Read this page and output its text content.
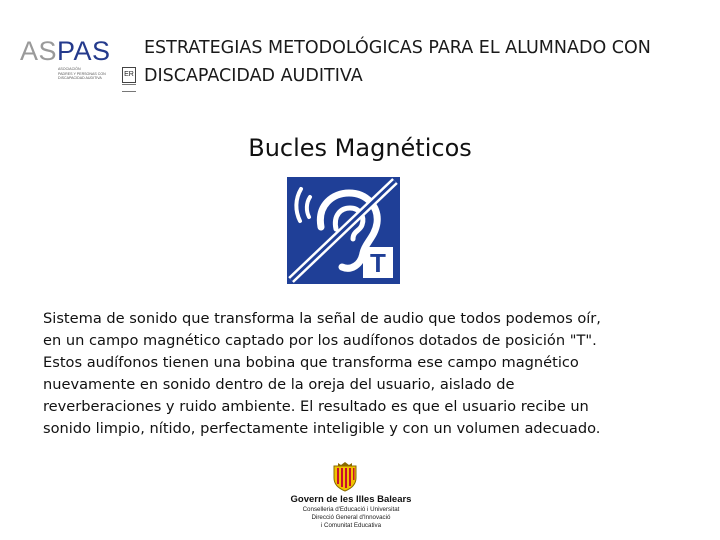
ASPAS
ASOCIACIÓN
PADRES Y PERSONAS CON
DISCAPACIDAD AUDITIVA
ER
ESTRATEGIAS METODOLÓGICAS PARA EL ALUMNADO CON
DISCAPACIDAD AUDITIVA
Bucles Magnéticos
T
Sistema de sonido que transforma la señal de audio que todos podemos oír,
en un campo magnético captado por los audífonos dotados de posición "T".
Estos audífonos tienen una bobina que transforma ese campo magnético
nuevamente en sonido dentro de la oreja del usuario, aislado de
reverberaciones y ruido ambiente. El resultado es que el usuario recibe un
sonido limpio, nítido, perfectamente inteligible y con un volumen adecuado.
Govern de les Illes Balears
Conselleria d'Educació i Universitat
Direcció General d'Innovació
i Comunitat Educativa
